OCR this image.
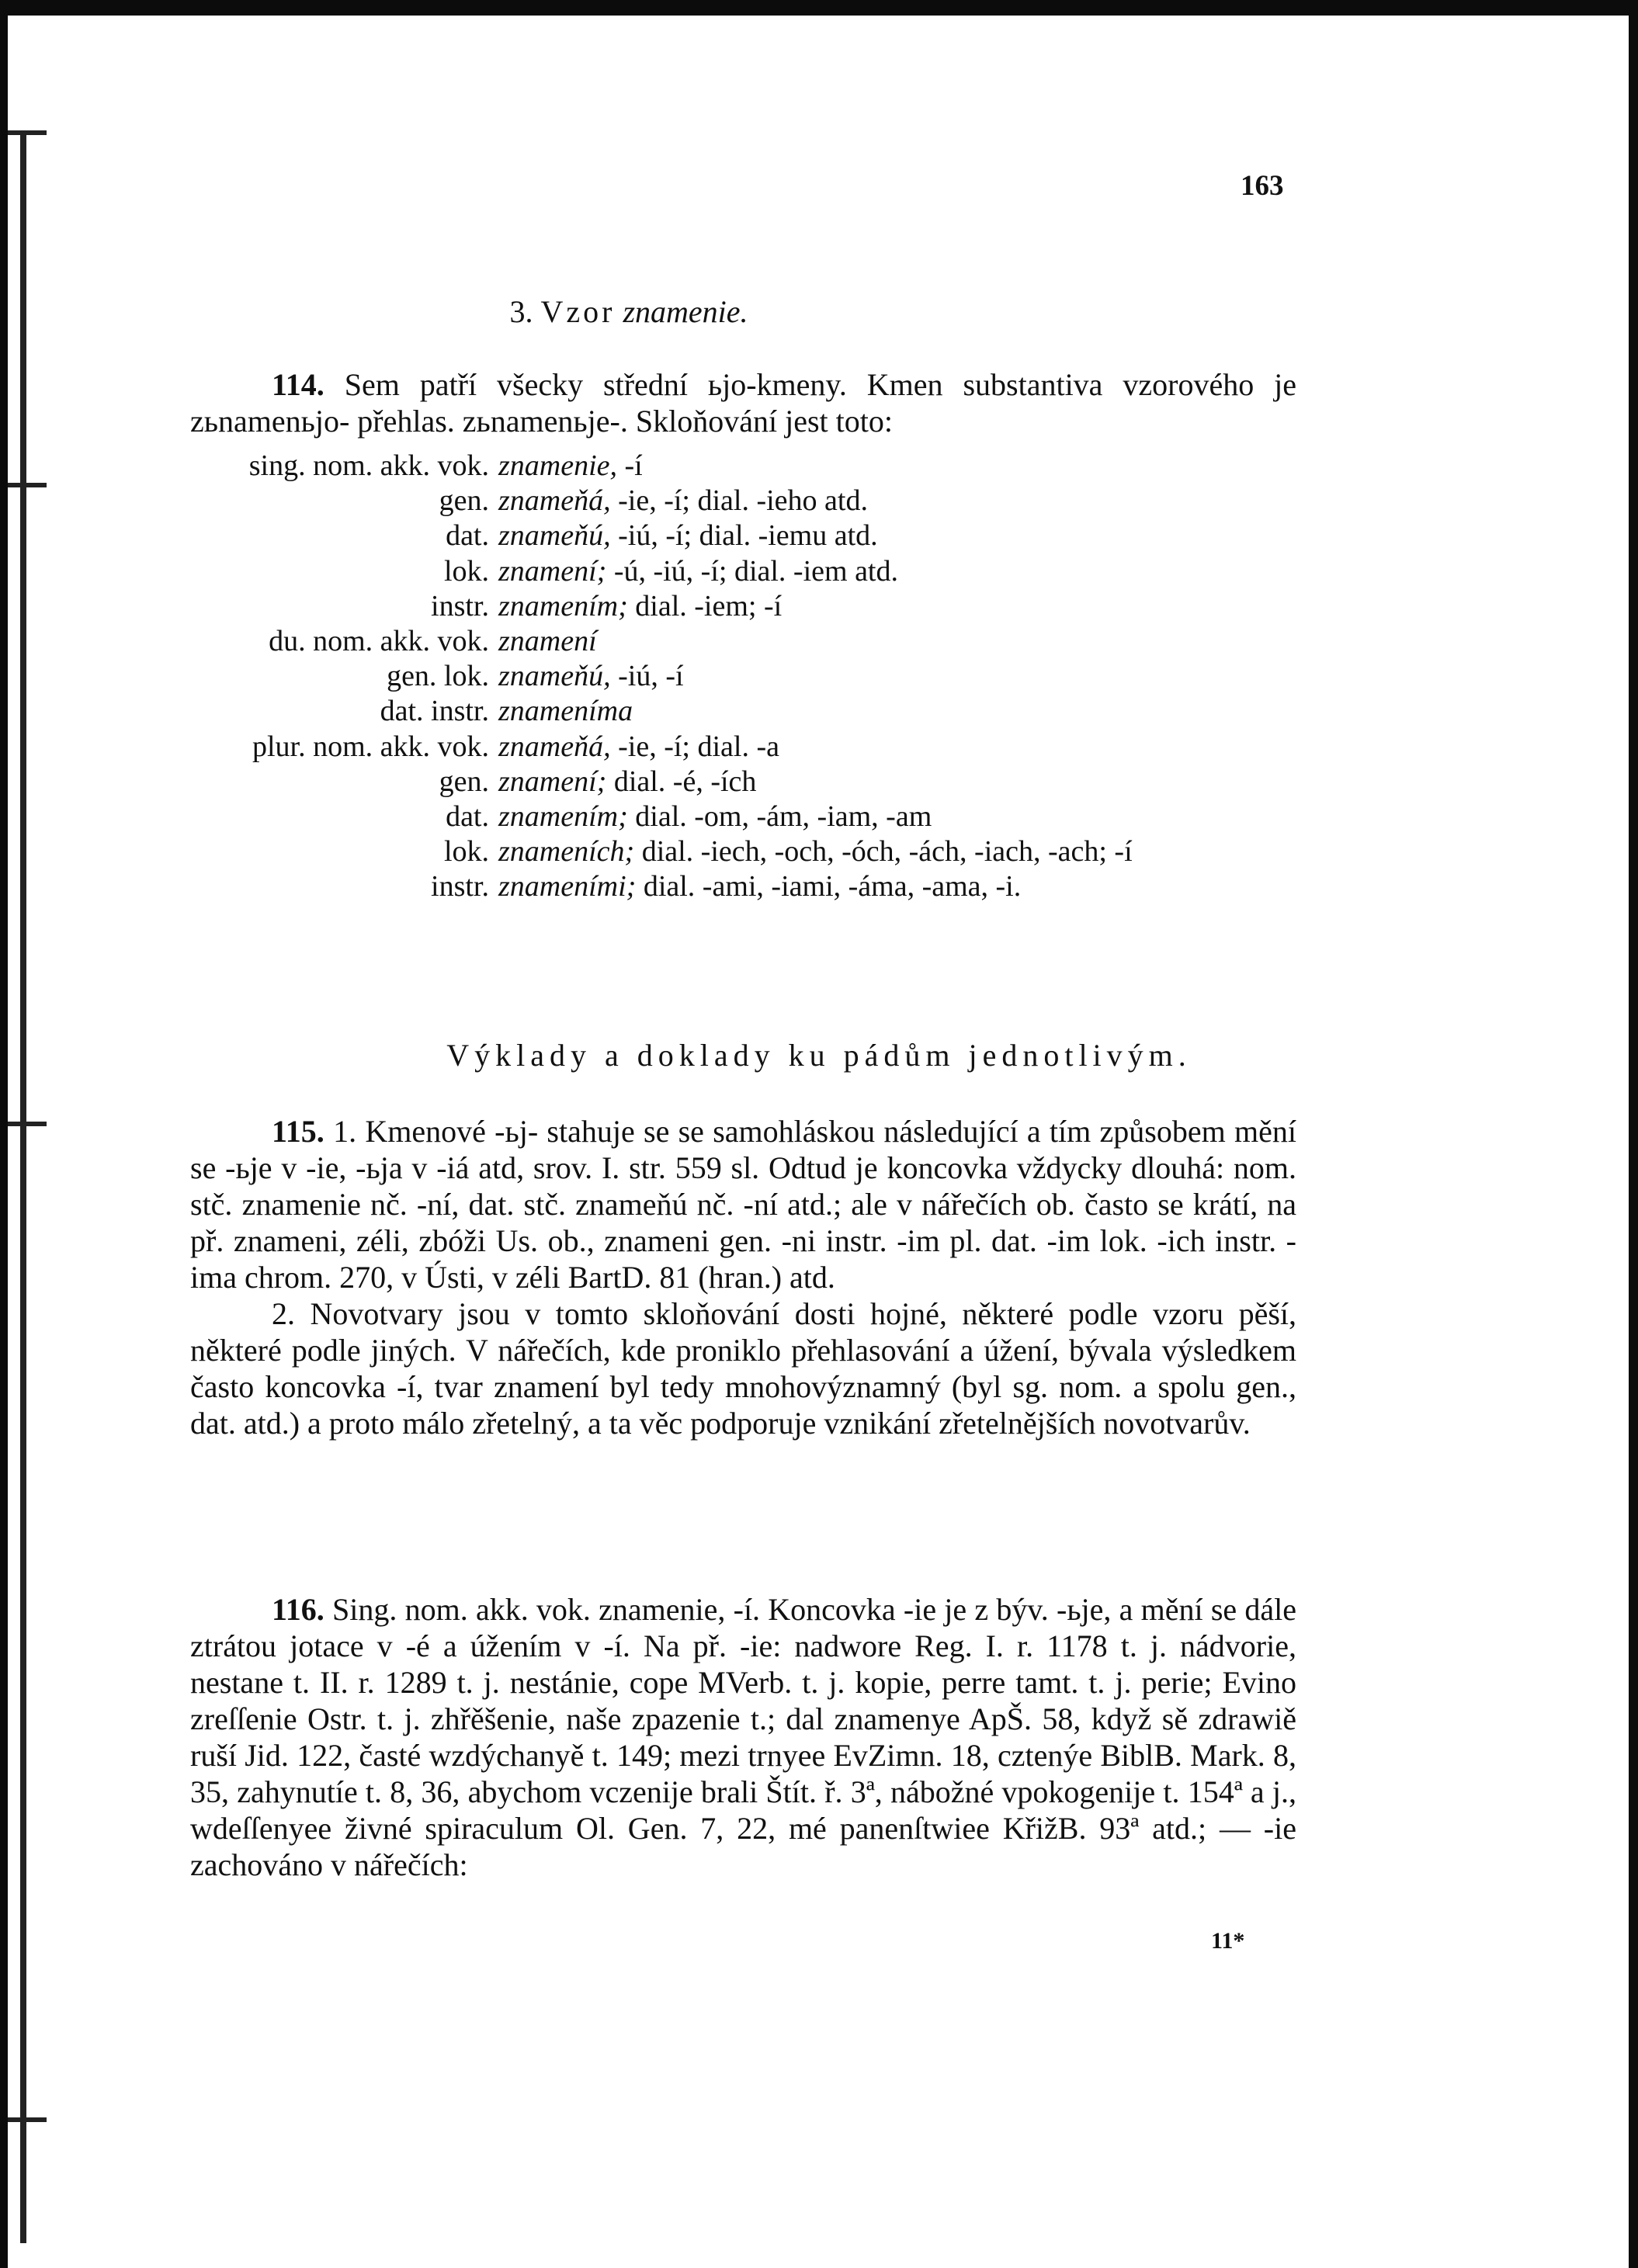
163
3. Vzor znamenie.

114. Sem patří všecky střední ьjo-kmeny. Kmen substantiva vzorového je zьnamenьjo- přehlas. zьnamenьje-. Skloňování jest toto:

sing. nom. akk. vok. znamenie, -í
gen. znameňá, -ie, -í; dial. -ieho atd.
dat. znameňú, -iú, -í; dial. -iemu atd.
lok. znamení; -ú, -iú, -í; dial. -iem atd.
instr. znamením; dial. -iem; -í
du. nom. akk. vok. znamení
gen. lok. znameňú, -iú, -í
dat. instr. znameníma
plur. nom. akk. vok. znameňá, -ie, -í; dial. -a
gen. znamení; dial. -é, -ích
dat. znamením; dial. -om, -ám, -iam, -am
lok. znameních; dial. -iech, -och, -óch, -ách, -iach, -ach; -í
instr. znameními; dial. -ami, -iami, -áma, -ama, -i.
Výklady a doklady ku pádům jednotlivým.

115. 1. Kmenové -ьj- stahuje se se samohláskou následující a tím způsobem mění se -ьje v -ie, -ьja v -iá atd, srov. I. str. 559 sl. Odtud je koncovka vždycky dlouhá: nom. stč. znamenie nč. -ní, dat. stč. znameňú nč. -ní atd.; ale v nářečích ob. často se krátí, na př. znameni, zéli, zbóži Us. ob., znameni gen. -ni instr. -im pl. dat. -im lok. -ich instr. -ima chrom. 270, v Ústi, v zéli BartD. 81 (hran.) atd.

2. Novotvary jsou v tomto skloňování dosti hojné, některé podle vzoru pěší, některé podle jiných. V nářečích, kde proniklo přehlasování a úžení, bývala výsledkem často koncovka -í, tvar znamení byl tedy mnohovýznamný (byl sg. nom. a spolu gen., dat. atd.) a proto málo zřetelný, a ta věc podporuje vznikání zřetelnějších novotvarův.

116. Sing. nom. akk. vok. znamenie, -í. Koncovka -ie je z býv. -ьje, a mění se dále ztrátou jotace v -é a úžením v -í. Na př. -ie: nadwore Reg. I. r. 1178 t. j. nádvorie, nestane t. II. r. 1289 t. j. nestánie, cope MVerb. t. j. kopie, perre tamt. t. j. perie; Evino zreſſenie Ostr. t. j. zhřěšenie, naše zpazenie t.; dal znamenye ApŠ. 58, když sě zdrawiě ruší Jid. 122, časté wzdýchanyě t. 149; mezi trnyee EvZimn. 18, cztenýe BiblB. Mark. 8, 35, zahynutíe t. 8, 36, abychom vczenije brali Štít. ř. 3ª, nábožné vpokogenije t. 154ª a j., wdeſſenyee živné spiraculum Ol. Gen. 7, 22, mé panenſtwiee KřižB. 93ª atd.; — -ie zachováno v nářečích:

11*
